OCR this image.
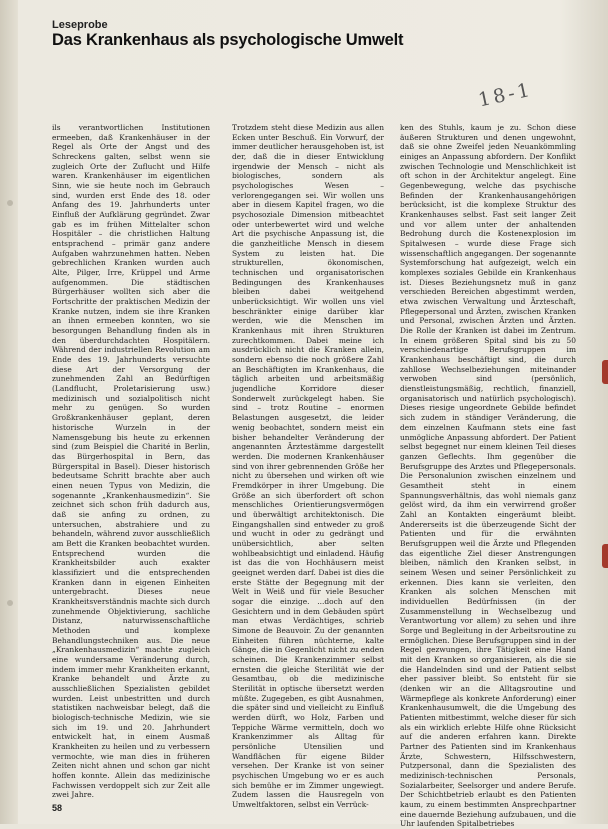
Leseprobe
Das Krankenhaus als psychologische Umwelt
18-1

ils verantwortlichen Institutionen ermeeben, daß Krankenhäuser in der Regel als Orte der Angst und des Schreckens galten, selbst wenn sie zugleich Orte der Zuflucht und Hilfe waren. Krankenhäuser im eigentlichen Sinn, wie sie heute noch im Gebrauch sind, wurden erst Ende des 18. oder Anfang des 19. Jahrhunderts unter Einfluß der Aufklärung gegründet. Zwar gab es im frühen Mittelalter schon Hospitäler – die christlichen Haltung entsprachend – primär ganz andere Aufgaben wahrzunehmen hatten. Neben gebrechlichen Kranken wurden auch Alte, Pilger, Irre, Krüppel und Arme aufgenommen. Die städtischen Bürgerhäuser wollten sich aber die Fortschritte der praktischen Medizin der Kranke nutzen, indem sie ihre Kranken an ihnen ermeeben konnten, wo sie besorgungen Behandlung finden als in den überdurchdachten Hospitälern. Während der industriellen Revolution am Ende des 19. Jahrhunderts versuchte diese Art der Versorgung der zunehmenden Zahl an Bedürftigen (Landflucht, Proletarisierung usw.) medizinisch und sozialpolitisch nicht mehr zu genügen. So wurden Großkrankenhäuser geplant, deren historische Wurzeln in der Namensgebung bis heute zu erkennen sind (zum Beispiel die Charité in Berlin, das Bürgerhospital in Bern, das Bürgerspital in Basel). Dieser historisch bedeutsame Schritt brachte aber auch einen neuen Typus von Medizin, die sogenannte „Krankenhausmedizin“. Sie zeichnet sich schon früh dadurch aus, daß sie anfing zu ordnen, zu untersuchen, abstrahiere und zu behandeln, während zuvor ausschließlich am Bett die Kranken beobachtet wurden. Entsprechend wurden die Krankheitsbilder auch exakter klassifiziert und die entsprechenden Kranken dann in eigenen Einheiten untergebracht. Dieses neue Krankheitsverständnis machte sich durch zunehmende Objektivierung, sachliche Distanz, naturwissenschaftliche Methoden und komplexe Behandlungstechniken aus. Die neue „Krankenhausmedizin“ machte zugleich eine wundersame Veränderung durch, indem immer mehr Krankheiten erkannt, Kranke behandelt und Ärzte zu ausschließlichen Spezialisten gebildet wurden. Leist unbestritten und durch statistiken nachweisbar belegt, daß die biologisch-technische Medizin, wie sie sich im 19. und 20. Jahrhundert entwickelt hat, in einem Ausmaß Krankheiten zu heilen und zu verbessern vermochte, wie man dies in früheren Zeiten nicht ahnen und schon gar nicht hoffen konnte. Allein das medizinische Fachwissen verdoppelt sich zur Zeit alle zwei Jahre.

Trotzdem steht diese Medizin aus allen Ecken unter Beschuß. Ein Vorwurf, der immer deutlicher herausgehoben ist, ist der, daß die in dieser Entwicklung irgendwie der Mensch – nicht als biologisches, sondern als psychologisches Wesen – verlorengegangen sei. Wir wollen uns aber in diesem Kapitel fragen, wo die psychosoziale Dimension mitbeachtet oder unterbewertet wird und welche Art die psychische Anpassung ist, die die ganzheitliche Mensch in diesem System zu leisten hat. Die strukturellen, ökonomischen, technischen und organisatorischen Bedingungen des Krankenhauses bleiben dabei weitgehend unberücksichtigt. Wir wollen uns viel beschränkter einige darüber klar werden, wie die Menschen im Krankenhaus mit ihren Strukturen zurechtkommen. Dabei meine ich ausdrücklich nicht die Kranken allein, sondern ebenso die noch größere Zahl an Beschäftigten im Krankenhaus, die täglich arbeiten und arbeitsmäßig jugendliche Korridore dieser Sonderwelt zurückgelegt haben. Sie sind – trotz Routine – enormen Belastungen ausgesetzt, die leider wenig beobachtet, sondern meist ein bisher behandelter Veränderung der angenannten Ärztestämme dargestellt werden. Die modernen Krankenhäuser sind von ihrer gebrennenden Größe her nicht zu übersehen und wirken oft wie Fremdkörper in ihrer Umgebung. Die Größe an sich überfordert oft schon menschliches Orientierungsvermögen und überwältigt architektonisch. Die Eingangshallen sind entweder zu groß und wucht in oder zu gedrängt und unübersichtlich, aber selten wohlbeabsichtigt und einladend. Häufig ist das die von Hochhäusern meist geeignet werden darf. Dabei ist dies die erste Stätte der Begegnung mit der Welt in Weiß und für viele Besucher sogar die einzige. ...doch auf den Gesichtern und in dem Gebäuden spürt man etwas Verdächtiges, schrieb Simone de Beauvoir. Zu der genannten Einheiten führen nüchterne, kalte Gänge, die in Gegenlicht nicht zu enden scheinen. Die Krankenzimmer selbst ernsten die gleiche Sterilität wie der Gesamtbau, ob die medizinische Sterilität in optische übersetzt werden müßte. Zugegeben, es gibt Ausnahmen, die später sind und vielleicht zu Einfluß werden dürft, wo Holz, Farben und Teppiche Wärme vermitteln, doch wo Krankenzimmer als Alltag für persönliche Utensilien und Wandflächen für eigene Bilder versehen. Der Kranke ist von seiner psychischen Umgebung wo er es auch sich bemühe er im Zimmer ungewiegt. Zudem lassen die Hausregeln von Umweltfaktoren, selbst ein Verrück-

ken des Stuhls, kaum je zu. Schon diese äußeren Strukturen und denen ungewohnt, daß sie ohne Zweifel jeden Neuankömmling einiges an Anpassung abfordern. Der Konflikt zwischen Technologie und Menschlichkeit ist oft schon in der Architektur angelegt. Eine Gegenbewegung, welche das psychische Befinden der Krankenhausangehörigen berücksicht, ist die komplexe Struktur des Krankenhauses selbst. Fast seit langer Zeit und vor allem unter der anhaltenden Bedrohung durch die Kostenexplosion im Spitalwesen – wurde diese Frage sich wissenschaftlich angegangen. Der sogenannte Systemforschung hat aufgezeigt, welch ein komplexes soziales Gebilde ein Krankenhaus ist. Dieses Beziehungsnetz muß in ganz verschieden Bereichen abgestimmt werden, etwa zwischen Verwaltung und Ärzteschaft, Pflegepersonal und Ärzten, zwischen Kranken und Personal, zwischen Ärzten und Ärzten. Die Rolle der Kranken ist dabei im Zentrum. In einem größeren Spital sind bis zu 50 verschiedenartige Berufsgruppen im Krankenhaus beschäftigt sind, die durch zahllose Wechselbeziehungen miteinander verwoben sind (persönlich, dienstleistungsmäßig, rechtlich, finanziell, organisatorisch und natürlich psychologisch). Dieses riesige ungeordnete Gebilde befindet sich zudem in ständiger Veränderung, die dem einzelnen Kaufmann stets eine fast unmögliche Anpassung abfordert. Der Patient selbst begegnet nur einem kleinen Teil dieses ganzen Geflechts. Ihm gegenüber die Berufsgruppe des Arztes und Pflegepersonals. Die Personalunion zwischen einzelnem und Gesamtheit steht in einem Spannungsverhältnis, das wohl niemals ganz gelöst wird, da ihm ein verwirrend großer Zahl an Kontakten eingeräumt bleibt. Andererseits ist die überzeugende Sicht der Patienten und für die erwähnten Berufsgruppen weil die Ärzte und Pflegenden das eigentliche Ziel dieser Anstrengungen bleiben, nämlich den Kranken selbst, in seinem Wesen und seiner Persönlichkeit zu erkennen. Dies kann sie verleiten, den Kranken als solchen Menschen mit individuellen Bedürfnissen (in der Zusammenstellung in Wechselbezug und Verantwortung vor allem) zu sehen und ihre Sorge und Begleitung in der Arbeitsroutine zu ermöglichen. Diese Berufsgruppen sind in der Regel gezwungen, ihre Tätigkeit eine Hand mit den Kranken so organisieren, als die sie die Handelnden sind und der Patient selbst eher passiver bleibt. So entsteht für sie (denken wir an die Alltagsroutine und Wärmepflege als konkrete Anforderung) einer Krankenhausumwelt, die die Umgebung des Patienten mitbestimmt, welche dieser für sich als ein wirklich erlebte Hilfe ohne Rücksicht auf die anderen erfahren kann. Direkte Partner des Patienten sind im Krankenhaus Ärzte, Schwestern, Hilfsschwestern, Putzpersonal, dann die Spezialisten des medizinisch-technischen Personals, Sozialarbeiter, Seelsorger und andere Berufe. Der Schichtbetrieb erlaubt es den Patienten kaum, zu einem bestimmten Ansprechpartner eine dauernde Beziehung aufzubauen, und die Uhr laufenden Spitalbetriebes

58
